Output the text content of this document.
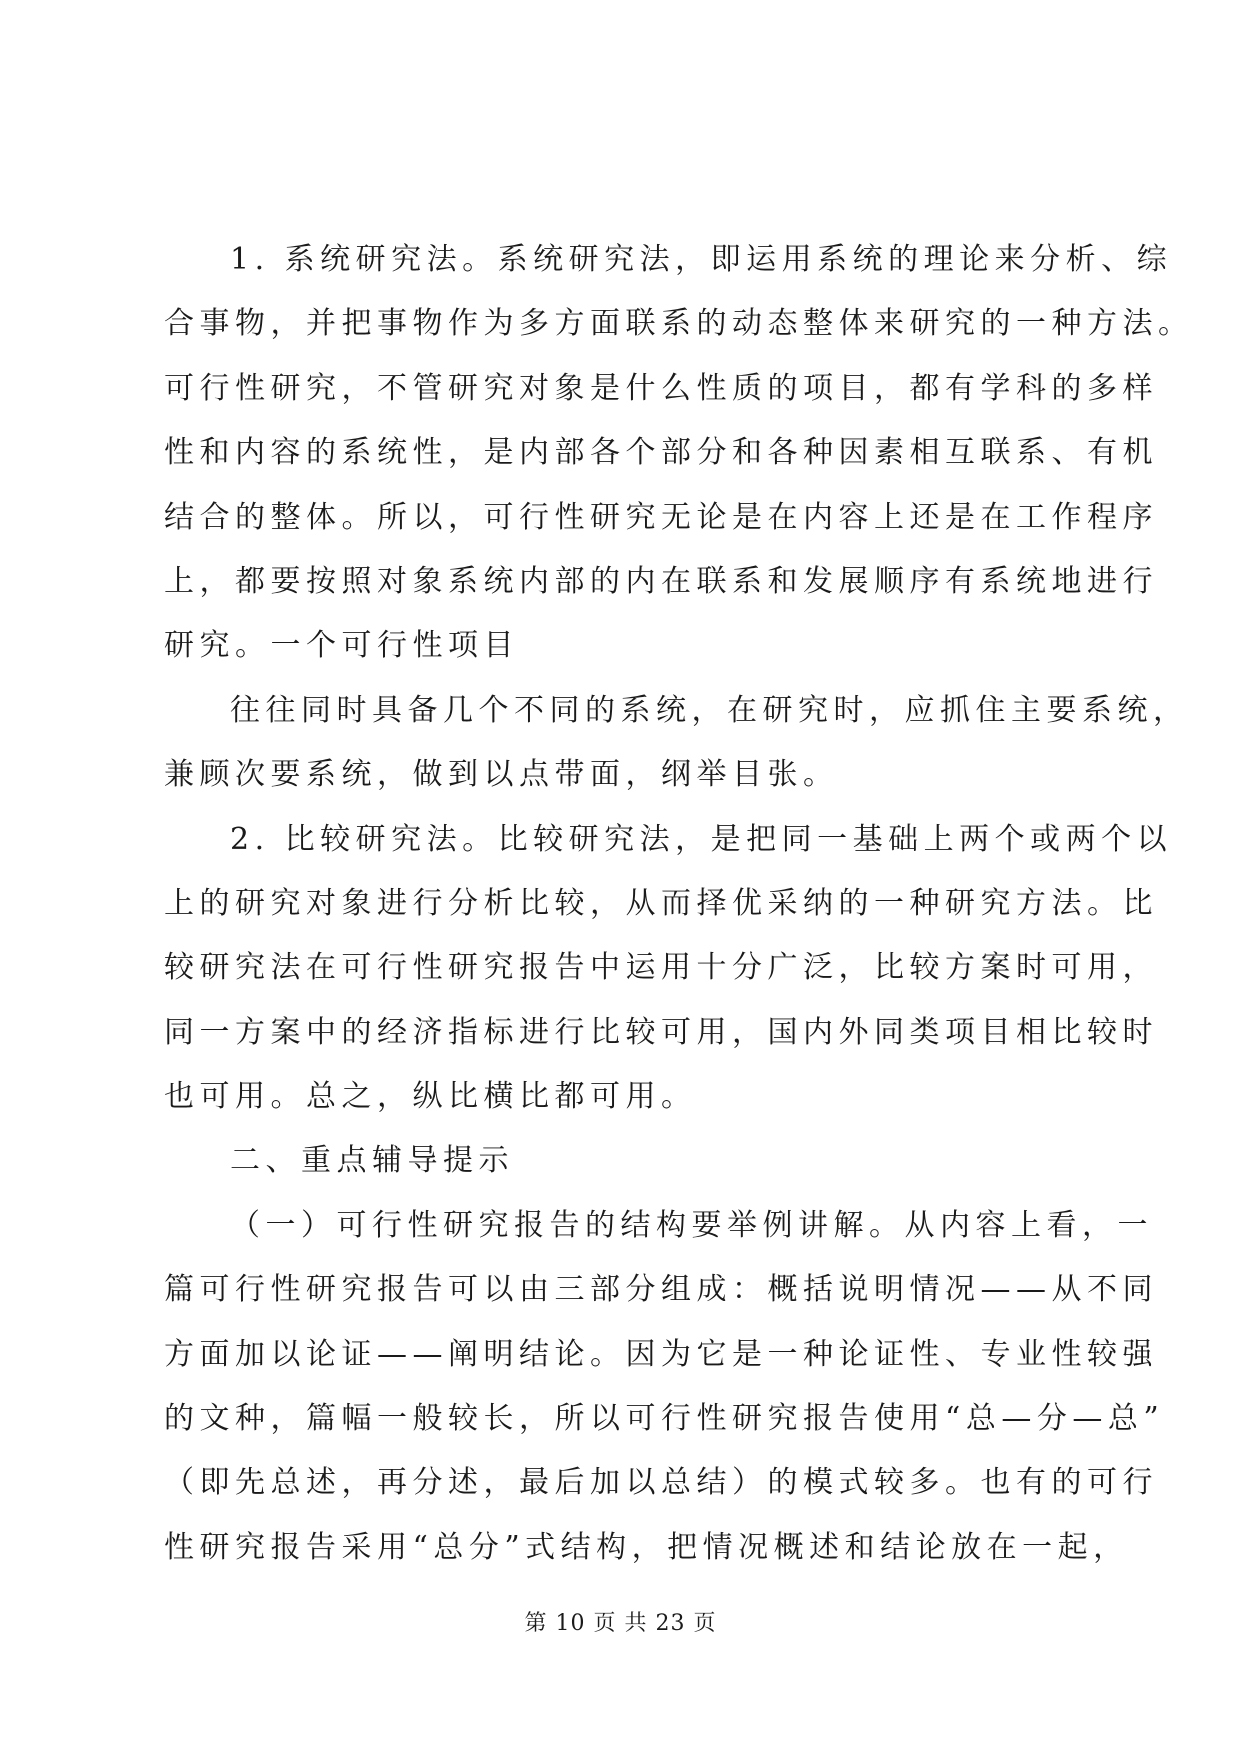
1. 系统研究法。系统研究法，即运用系统的理论来分析、综
合事物，并把事物作为多方面联系的动态整体来研究的一种方法。
可行性研究，不管研究对象是什么性质的项目，都有学科的多样
性和内容的系统性，是内部各个部分和各种因素相互联系、有机
结合的整体。所以，可行性研究无论是在内容上还是在工作程序
上，都要按照对象系统内部的内在联系和发展顺序有系统地进行
研究。一个可行性项目
往往同时具备几个不同的系统，在研究时，应抓住主要系统，
兼顾次要系统，做到以点带面，纲举目张。
2. 比较研究法。比较研究法，是把同一基础上两个或两个以
上的研究对象进行分析比较，从而择优采纳的一种研究方法。比
较研究法在可行性研究报告中运用十分广泛，比较方案时可用，
同一方案中的经济指标进行比较可用，国内外同类项目相比较时
也可用。总之，纵比横比都可用。
二、重点辅导提示
（一）可行性研究报告的结构要举例讲解。从内容上看，一
篇可行性研究报告可以由三部分组成：概括说明情况——从不同
方面加以论证——阐明结论。因为它是一种论证性、专业性较强
的文种，篇幅一般较长，所以可行性研究报告使用“总—分—总”
（即先总述，再分述，最后加以总结）的模式较多。也有的可行
性研究报告采用“总分”式结构，把情况概述和结论放在一起，
第 10 页 共 23 页
